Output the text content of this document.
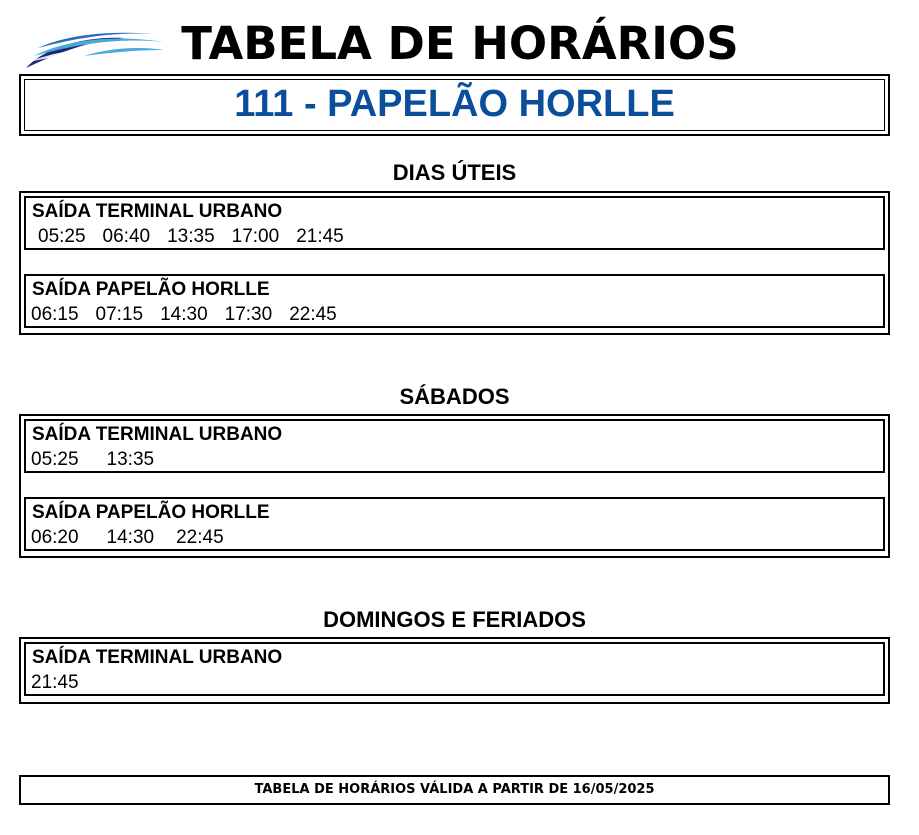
TABELA DE HORÁRIOS
111 - PAPELÃO HORLLE
DIAS ÚTEIS
SAÍDA TERMINAL URBANO
05:25 06:40 13:35 17:00 21:45
SAÍDA PAPELÃO HORLLE
06:15 07:15 14:30 17:30 22:45
SÁBADOS
SAÍDA TERMINAL URBANO
05:25 13:35
SAÍDA PAPELÃO HORLLE
06:20 14:30 22:45
DOMINGOS E FERIADOS
SAÍDA TERMINAL URBANO
21:45
TABELA DE HORÁRIOS VÁLIDA A PARTIR DE 16/05/2025
